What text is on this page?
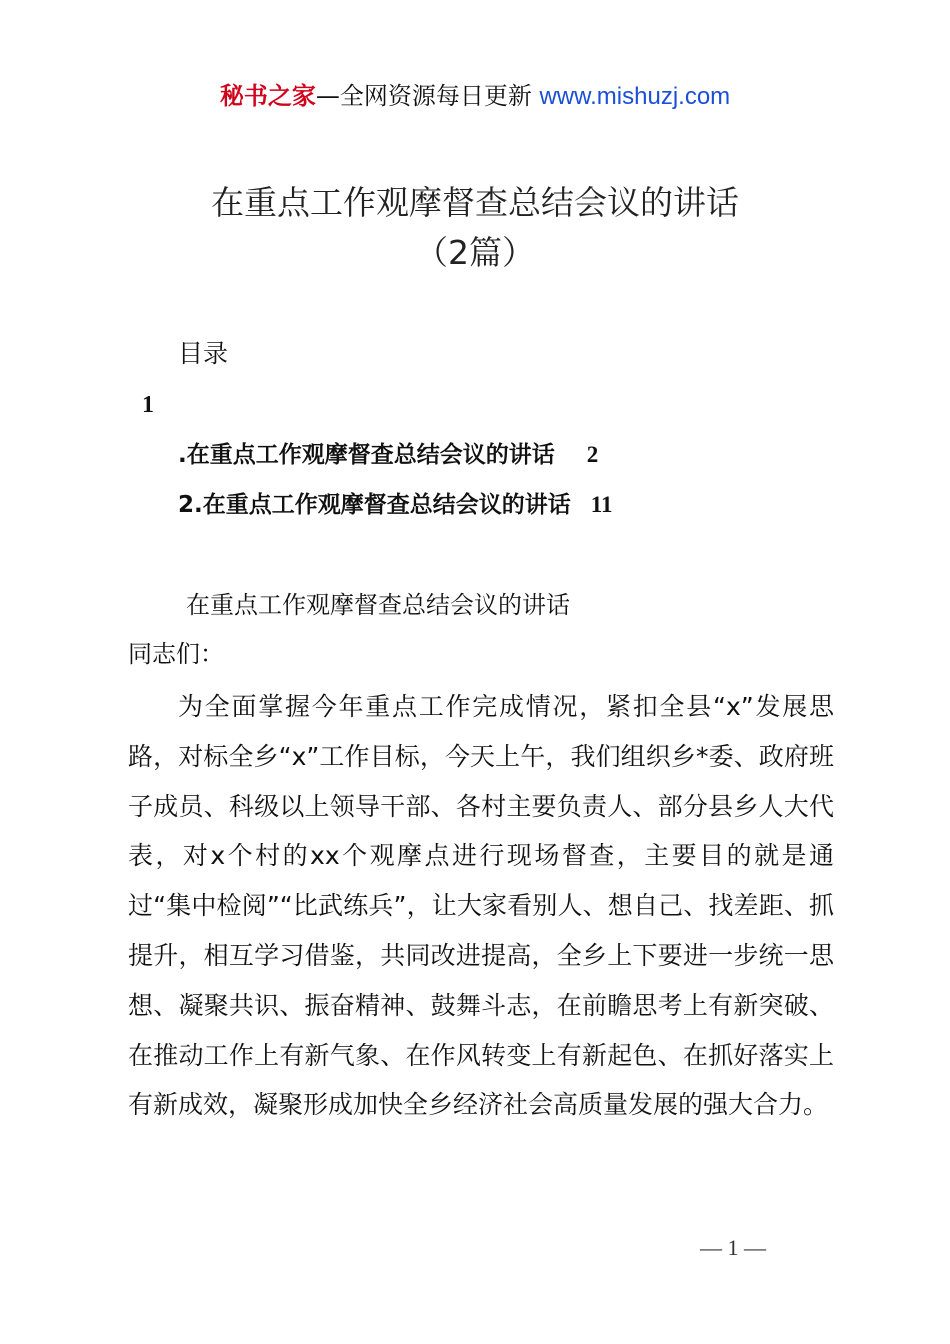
秘书之家—全网资源每日更新 www.mishuzj.com
在重点工作观摩督查总结会议的讲话
（2篇）
目录
1
.在重点工作观摩督查总结会议的讲话 2
2.在重点工作观摩督查总结会议的讲话 11
在重点工作观摩督查总结会议的讲话
同志们：

为全面掌握今年重点工作完成情况，紧扣全县“x”发展思路，对标全乡“x”工作目标，今天上午，我们组织乡*委、政府班子成员、科级以上领导干部、各村主要负责人、部分县乡人大代表，对x个村的xx个观摩点进行现场督查，主要目的就是通过“集中检阅”“比武练兵”，让大家看别人、想自己、找差距、抓提升，相互学习借鉴，共同改进提高，全乡上下要进一步统一思想、凝聚共识、振奋精神、鼓舞斗志，在前瞻思考上有新突破、在推动工作上有新气象、在作风转变上有新起色、在抓好落实上有新成效，凝聚形成加快全乡经济社会高质量发展的强大合力。

— 1 —
